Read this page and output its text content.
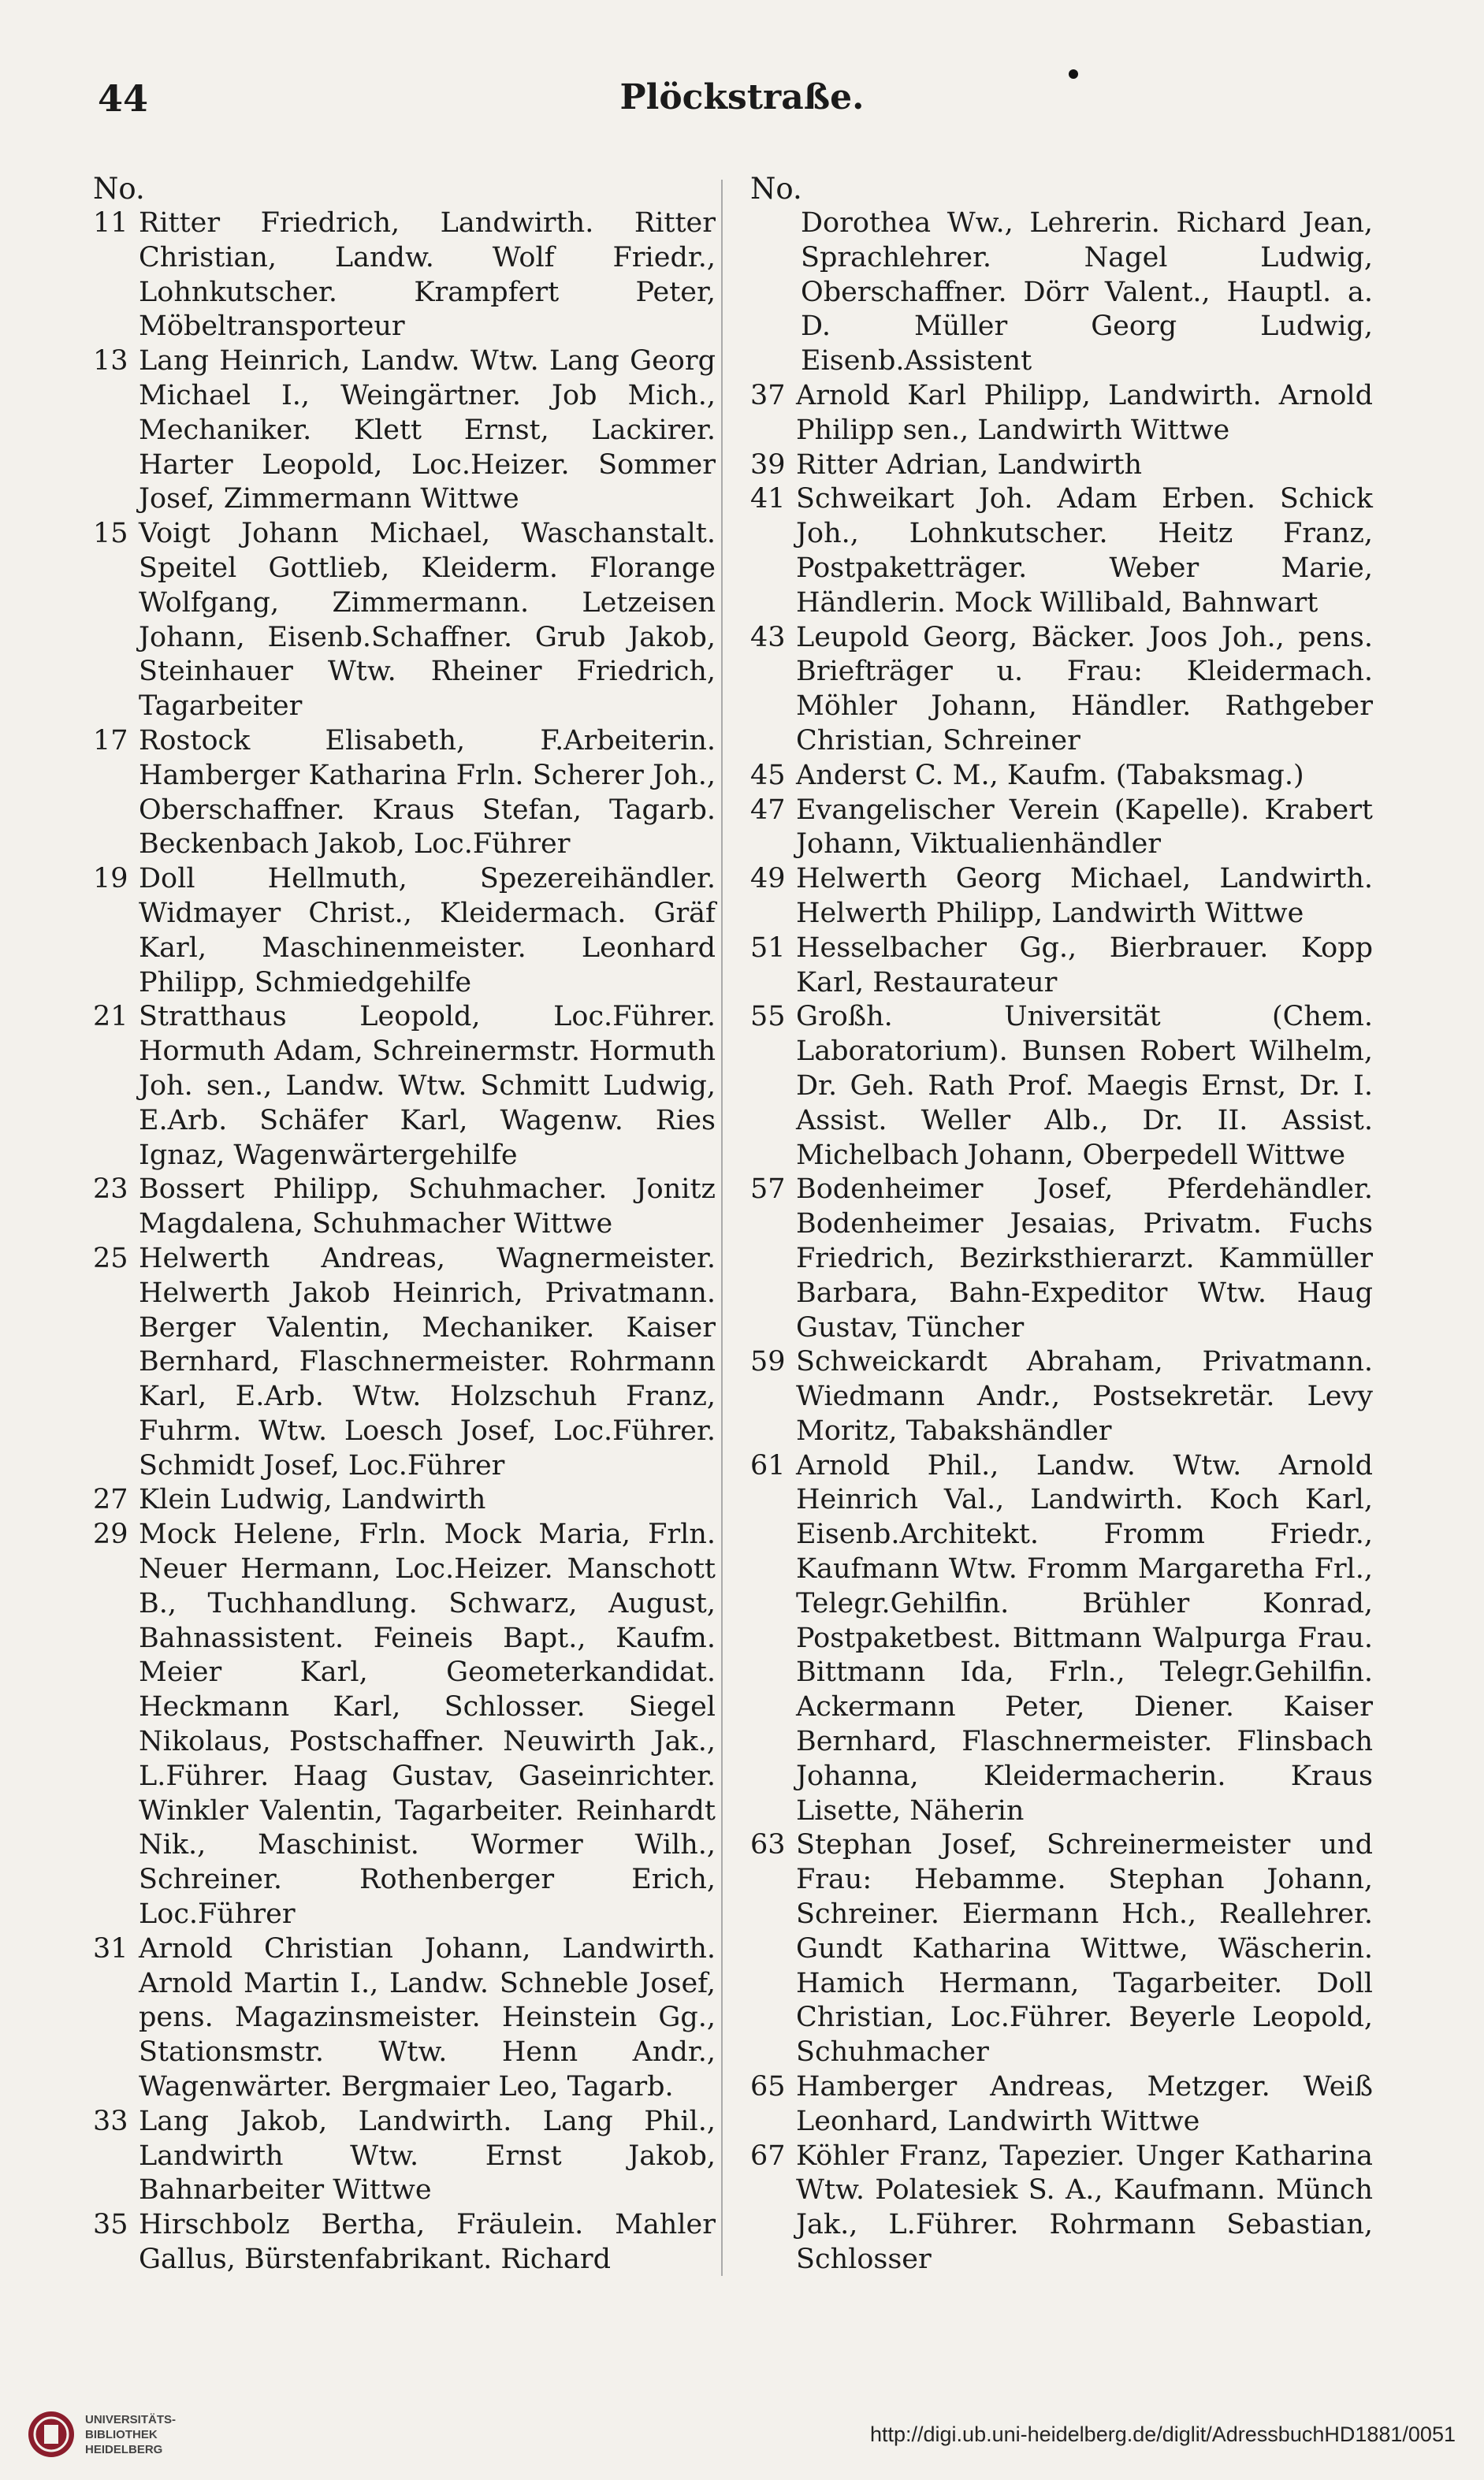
44	Plöckstraße.
No.
11 Ritter Friedrich, Landwirth. Ritter Christian, Landw. Wolf Friedr., Lohnkutscher. Krampfert Peter, Möbeltransporteur
13 Lang Heinrich, Landw. Wtw. Lang Georg Michael I., Weingärtner. Job Mich., Mechaniker. Klett Ernst, Lackirer. Harter Leopold, Loc.Heizer. Sommer Josef, Zimmermann Wittwe
15 Voigt Johann Michael, Waschanstalt. Speitel Gottlieb, Kleiderm. Florange Wolfgang, Zimmermann. Letzeisen Johann, Eisenb.Schaffner. Grub Jakob, Steinhauer Wtw. Rheiner Friedrich, Tagarbeiter
17 Rostock Elisabeth, F.Arbeiterin. Hamberger Katharina Frln. Scherer Joh., Oberschaffner. Kraus Stefan, Tagarb. Beckenbach Jakob, Loc.Führer
19 Doll Hellmuth, Spezereihändler. Widmayer Christ., Kleidermach. Gräf Karl, Maschinenmeister. Leonhard Philipp, Schmiedgehilfe
21 Stratthaus Leopold, Loc.Führer. Hormuth Adam, Schreinermstr. Hormuth Joh. sen., Landw. Wtw. Schmitt Ludwig, E.Arb. Schäfer Karl, Wagenw. Ries Ignaz, Wagenwärtergehilfe
23 Bossert Philipp, Schuhmacher. Jonitz Magdalena, Schuhmacher Wittwe
25 Helwerth Andreas, Wagnermeister. Helwerth Jakob Heinrich, Privatmann. Berger Valentin, Mechaniker. Kaiser Bernhard, Flaschnermeister. Rohrmann Karl, E.Arb. Wtw. Holzschuh Franz, Fuhrm. Wtw. Loesch Josef, Loc.Führer. Schmidt Josef, Loc.Führer
27 Klein Ludwig, Landwirth
29 Mock Helene, Frln. Mock Maria, Frln. Neuer Hermann, Loc.Heizer. Manschott B., Tuchhandlung. Schwarz, August, Bahnassistent. Feineis Bapt., Kaufm. Meier Karl, Geometerkandidat. Heckmann Karl, Schlosser. Siegel Nikolaus, Postschaffner. Neuwirth Jak., L.Führer. Haag Gustav, Gaseinrichter. Winkler Valentin, Tagarbeiter. Reinhardt Nik., Maschinist. Wormer Wilh., Schreiner. Rothenberger Erich, Loc.Führer
31 Arnold Christian Johann, Landwirth. Arnold Martin I., Landw. Schneble Josef, pens. Magazinsmeister. Heinstein Gg., Stationsmstr. Wtw. Henn Andr., Wagenwärter. Bergmaier Leo, Tagarb.
33 Lang Jakob, Landwirth. Lang Phil., Landwirth Wtw. Ernst Jakob, Bahnarbeiter Wittwe
35 Hirschbolz Bertha, Fräulein. Mahler Gallus, Bürstenfabrikant. Richard
No.
Dorothea Ww., Lehrerin. Richard Jean, Sprachlehrer. Nagel Ludwig, Oberschaffner. Dörr Valent., Hauptl. a. D. Müller Georg Ludwig, Eisenb.Assistent
37 Arnold Karl Philipp, Landwirth. Arnold Philipp sen., Landwirth Wittwe
39 Ritter Adrian, Landwirth
41 Schweikart Joh. Adam Erben. Schick Joh., Lohnkutscher. Heitz Franz, Postpaketträger. Weber Marie, Händlerin. Mock Willibald, Bahnwart
43 Leupold Georg, Bäcker. Joos Joh., pens. Briefträger u. Frau: Kleidermach. Möhler Johann, Händler. Rathgeber Christian, Schreiner
45 Anderst C. M., Kaufm. (Tabaksmag.)
47 Evangelischer Verein (Kapelle). Krabert Johann, Viktualienhändler
49 Helwerth Georg Michael, Landwirth. Helwerth Philipp, Landwirth Wittwe
51 Hesselbacher Gg., Bierbrauer. Kopp Karl, Restaurateur
55 Großh. Universität (Chem. Laboratorium). Bunsen Robert Wilhelm, Dr. Geh. Rath Prof. Maegis Ernst, Dr. I. Assist. Weller Alb., Dr. II. Assist. Michelbach Johann, Oberpedell Wittwe
57 Bodenheimer Josef, Pferdehändler. Bodenheimer Jesaias, Privatm. Fuchs Friedrich, Bezirksthierarzt. Kammüller Barbara, Bahn-Expeditor Wtw. Haug Gustav, Tüncher
59 Schweickardt Abraham, Privatmann. Wiedmann Andr., Postsekretär. Levy Moritz, Tabakshändler
61 Arnold Phil., Landw. Wtw. Arnold Heinrich Val., Landwirth. Koch Karl, Eisenb.Architekt. Fromm Friedr., Kaufmann Wtw. Fromm Margaretha Frl., Telegr.Gehilfin. Brühler Konrad, Postpaketbest. Bittmann Walpurga Frau. Bittmann Ida, Frln., Telegr.Gehilfin. Ackermann Peter, Diener. Kaiser Bernhard, Flaschnermeister. Flinsbach Johanna, Kleidermacherin. Kraus Lisette, Näherin
63 Stephan Josef, Schreinermeister und Frau: Hebamme. Stephan Johann, Schreiner. Eiermann Hch., Reallehrer. Gundt Katharina Wittwe, Wäscherin. Hamich Hermann, Tagarbeiter. Doll Christian, Loc.Führer. Beyerle Leopold, Schuhmacher
65 Hamberger Andreas, Metzger. Weiß Leonhard, Landwirth Wittwe
67 Köhler Franz, Tapezier. Unger Katharina Wtw. Polatesiek S. A., Kaufmann. Münch Jak., L.Führer. Rohrmann Sebastian, Schlosser
UNIVERSITÄTS-
BIBLIOTHEK
HEIDELBERG
http://digi.ub.uni-heidelberg.de/diglit/AdressbuchHD1881/0051
